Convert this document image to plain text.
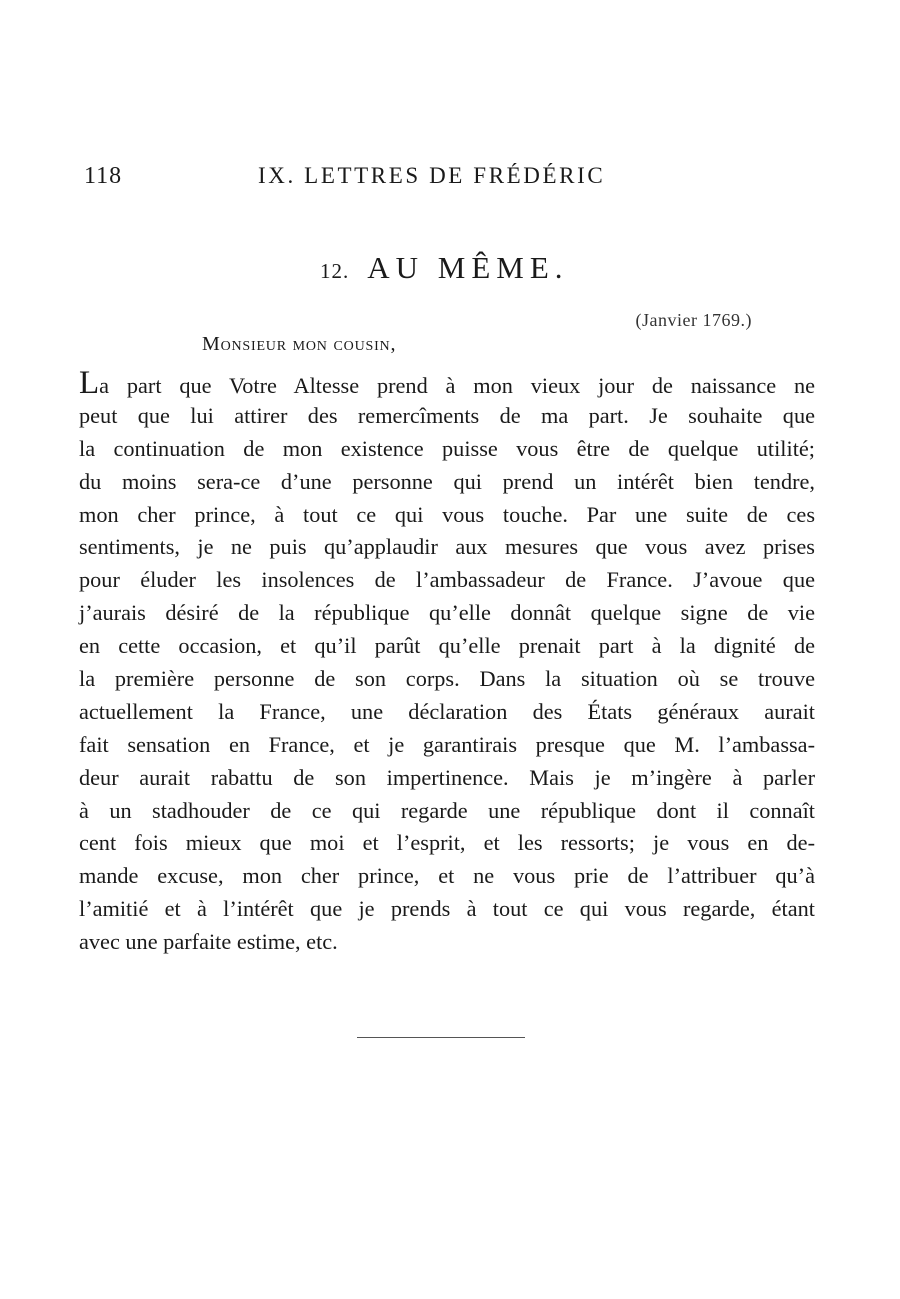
118	IX. LETTRES DE FRÉDÉRIC
12. AU MÊME.
(Janvier 1769.)
Monsieur mon cousin,
La part que Votre Altesse prend à mon vieux jour de naissance ne
peut que lui attirer des remercîments de ma part. Je souhaite que
la continuation de mon existence puisse vous être de quelque utilité;
du moins sera-ce d’une personne qui prend un intérêt bien tendre,
mon cher prince, à tout ce qui vous touche. Par une suite de ces
sentiments, je ne puis qu’applaudir aux mesures que vous avez prises
pour éluder les insolences de l’ambassadeur de France. J’avoue que
j’aurais désiré de la république qu’elle donnât quelque signe de vie
en cette occasion, et qu’il parût qu’elle prenait part à la dignité de
la première personne de son corps. Dans la situation où se trouve
actuellement la France, une déclaration des États généraux aurait
fait sensation en France, et je garantirais presque que M. l’ambassa-
deur aurait rabattu de son impertinence. Mais je m’ingère à parler
à un stadhouder de ce qui regarde une république dont il connaît
cent fois mieux que moi et l’esprit, et les ressorts; je vous en de-
mande excuse, mon cher prince, et ne vous prie de l’attribuer qu’à
l’amitié et à l’intérêt que je prends à tout ce qui vous regarde, étant
avec une parfaite estime, etc.
